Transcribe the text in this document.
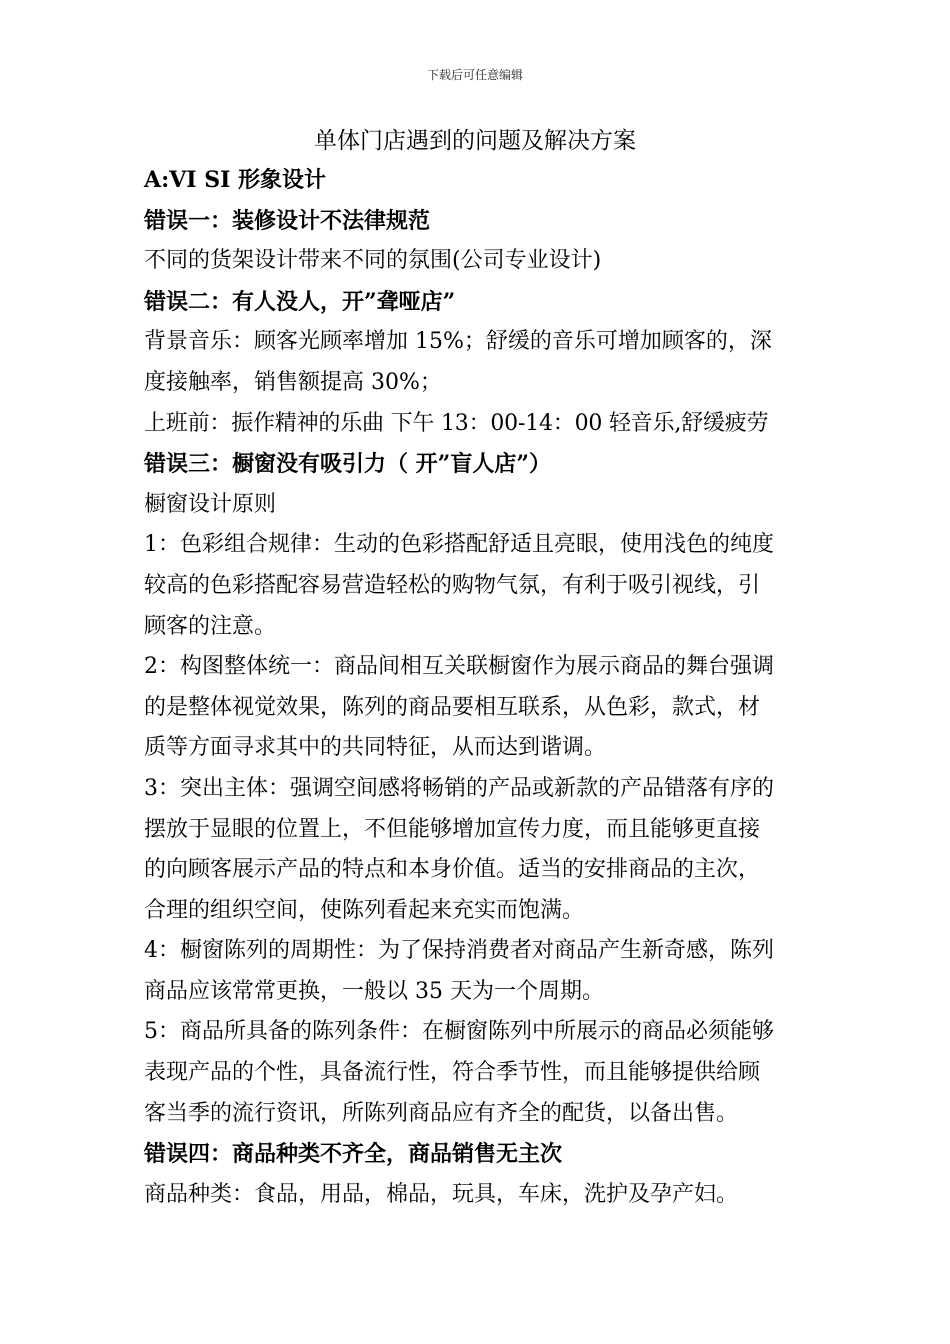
下载后可任意编辑
单体门店遇到的问题及解决方案
A:VI SI 形象设计
错误一：装修设计不法律规范
不同的货架设计带来不同的氛围(公司专业设计)
错误二：有人没人，开”聋哑店”
背景音乐：顾客光顾率增加 15%；舒缓的音乐可增加顾客的，深
度接触率，销售额提高 30%；
上班前：振作精神的乐曲 下午 13：00-14：00 轻音乐,舒缓疲劳
错误三：橱窗没有吸引力（ 开”盲人店”）
橱窗设计原则
1：色彩组合规律：生动的色彩搭配舒适且亮眼，使用浅色的纯度
较高的色彩搭配容易营造轻松的购物气氛，有利于吸引视线，引
顾客的注意。
2：构图整体统一：商品间相互关联橱窗作为展示商品的舞台强调
的是整体视觉效果，陈列的商品要相互联系，从色彩，款式，材
质等方面寻求其中的共同特征，从而达到谐调。
3：突出主体：强调空间感将畅销的产品或新款的产品错落有序的
摆放于显眼的位置上，不但能够增加宣传力度，而且能够更直接
的向顾客展示产品的特点和本身价值。适当的安排商品的主次，
合理的组织空间，使陈列看起来充实而饱满。
4：橱窗陈列的周期性：为了保持消费者对商品产生新奇感，陈列
商品应该常常更换，一般以 35 天为一个周期。
5：商品所具备的陈列条件：在橱窗陈列中所展示的商品必须能够
表现产品的个性，具备流行性，符合季节性，而且能够提供给顾
客当季的流行资讯，所陈列商品应有齐全的配货，以备出售。
错误四：商品种类不齐全，商品销售无主次
商品种类：食品，用品，棉品，玩具，车床，洗护及孕产妇。
